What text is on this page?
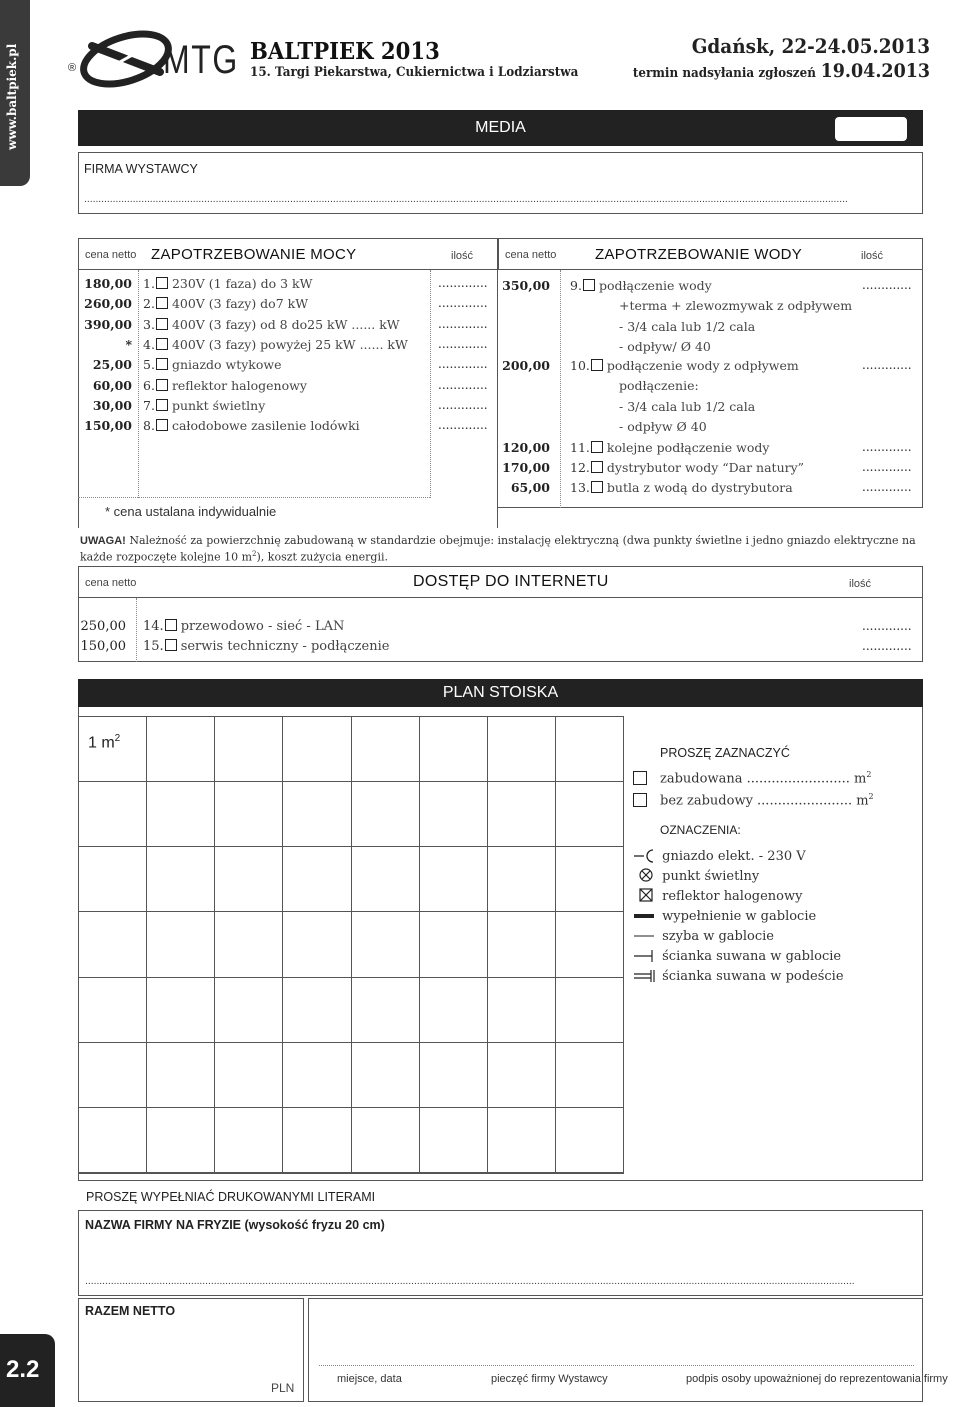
www.baltpiek.pl	® MTG BALTPIEK 2013
15. Targi Piekarstwa, Cukiernictwa i Lodziarstwa
Gdańsk, 22-24.05.2013
termin nadsyłania zgłoszeń 19.04.2013
MEDIA
FIRMA WYSTAWCY
...........................................................................................................................................................................................................................................................................
cena netto ZAPOTRZEBOWANIE MOCY	ilość	cena netto	ZAPOTRZEBOWANIE WODY	ilość
180,00 1. 230V (1 faza) do 3 kW	.............
260,00 2. 400V (3 fazy) do7 kW	.............
390,00 3. 400V (3 fazy) od 8 do25 kW ...... kW	.............
* 4. 400V (3 fazy) powyżej 25 kW ...... kW	.............
25,00 5. gniazdo wtykowe	.............
60,00 6. reflektor halogenowy	.............
30,00 7. punkt świetlny	.............
150,00 8. całodobowe zasilenie lodówki	.............
* cena ustalana indywidualnie
350,00 9. podłączenie wody	.............
+terma + zlewozmywak z odpływem
- 3/4 cala lub 1/2 cala
- odpływ/ Ø 40
200,00 10. podłączenie wody z odpływem	.............
podłączenie:
- 3/4 cala lub 1/2 cala
- odpływ Ø 40
120,00 11. kolejne podłączenie wody	.............
170,00 12. dystrybutor wody “Dar natury”	.............
65,00 13. butla z wodą do dystrybutora	.............
UWAGA! Należność za powierzchnię zabudowaną w standardzie obejmuje: instalację elektryczną (dwa punkty świetlne i jedno gniazdo elektryczne na każde rozpoczęte kolejne 10 $m^2$), koszt zużycia energii.
cena netto	DOSTĘP DO INTERNETU	ilość
250,00 14. przewodowo - sieć - LAN	.............
150,00 15. serwis techniczny - podłączenie	.............
PLAN STOISKA
1 $m^2$
PROSZĘ ZAZNACZYĆ
zabudowana ......................... $m^2$
bez zabudowy ....................... $m^2$
OZNACZENIA:
gniazdo elekt. - 230 V
punkt świetlny
reflektor halogenowy
wypełnienie w gablocie
szyba w gablocie
ścianka suwana w gablocie
ścianka suwana w podeście
PROSZĘ WYPEŁNIAĆ DRUKOWANYMI LITERAMI
NAZWA FIRMY NA FRYZIE (wysokość fryzu 20 cm)
.............................................................................................................................................................................................................................................................................
RAZEM NETTO
PLN
miejsce, data	pieczęć firmy Wystawcy	podpis osoby upoważnionej do reprezentowania firmy
2.2
